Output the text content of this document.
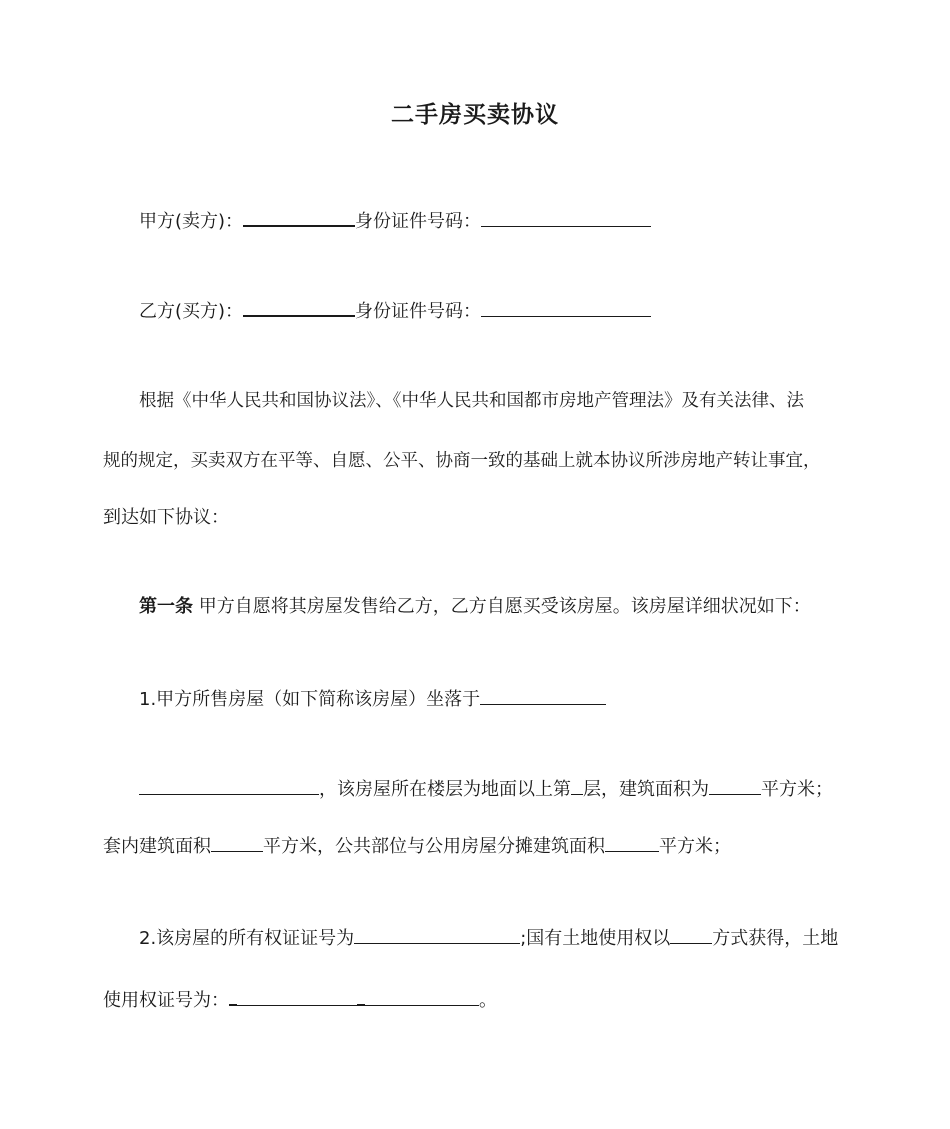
二手房买卖协议
甲方(卖方)：	身份证件号码：
乙方(买方)：	身份证件号码：
根据《中华人民共和国协议法》、《中华人民共和国都市房地产管理法》及有关法律、法
规的规定，买卖双方在平等、自愿、公平、协商一致的基础上就本协议所涉房地产转让事宜，
到达如下协议：
第一条 甲方自愿将其房屋发售给乙方，乙方自愿买受该房屋。该房屋详细状况如下：
1.甲方所售房屋（如下简称该房屋）坐落于
，该房屋所在楼层为地面以上第 层，建筑面积为	平方米；
套内建筑面积	平方米，公共部位与公用房屋分摊建筑面积	平方米；
2.该房屋的所有权证证号为	;国有土地使用权以 方式获得，土地
使用权证号为：	。
